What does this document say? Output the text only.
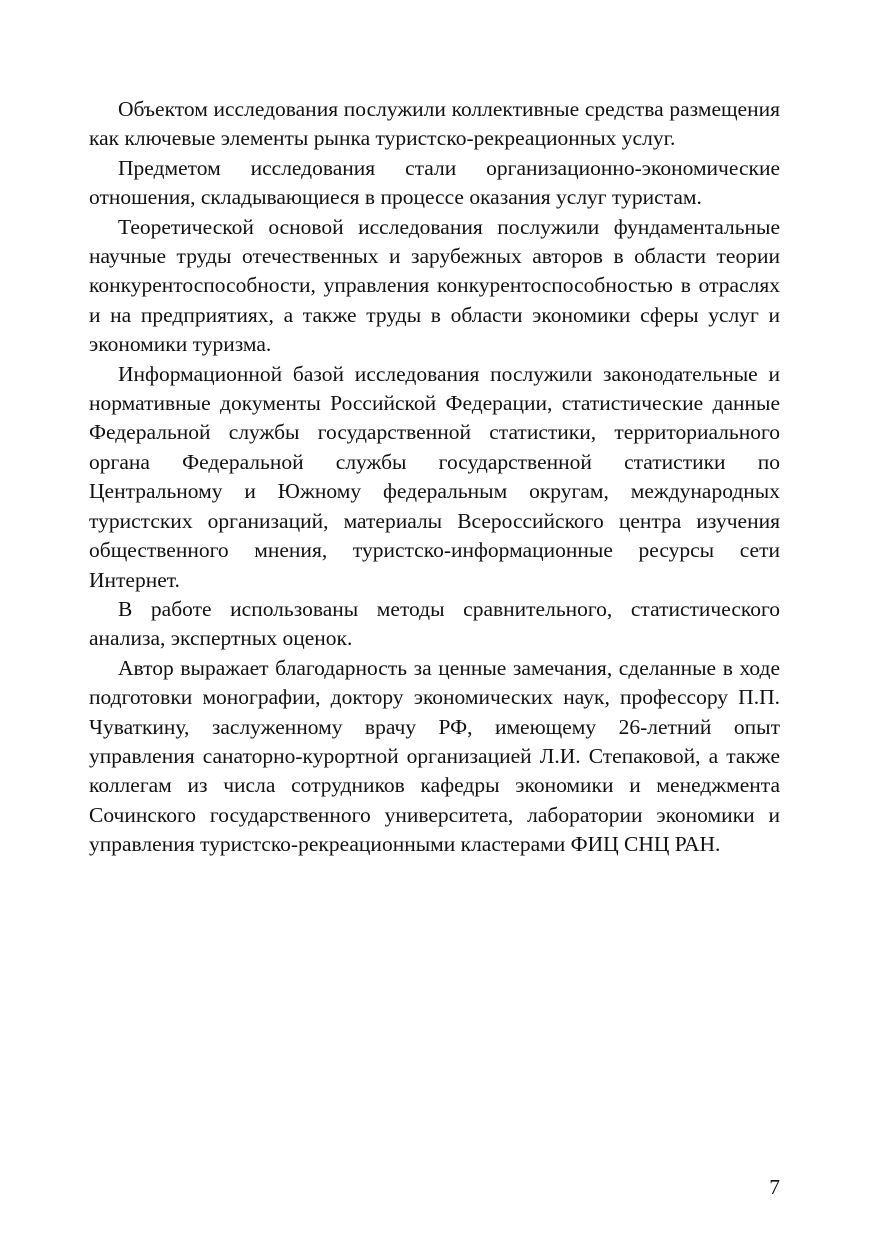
Объектом исследования послужили коллективные средства размещения как ключевые элементы рынка туристско-рекреационных услуг.

Предметом исследования стали организационно-экономические отношения, складывающиеся в процессе оказания услуг туристам.

Теоретической основой исследования послужили фундаментальные научные труды отечественных и зарубежных авторов в области теории конкурентоспособности, управления конкурентоспособностью в отраслях и на предприятиях, а также труды в области экономики сферы услуг и экономики туризма.

Информационной базой исследования послужили законодательные и нормативные документы Российской Федерации, статистические данные Федеральной службы государственной статистики, территориального органа Федеральной службы государственной статистики по Центральному и Южному федеральным округам, международных туристских организаций, материалы Всероссийского центра изучения общественного мнения, туристско-информационные ресурсы сети Интернет.

В работе использованы методы сравнительного, статистического анализа, экспертных оценок.

Автор выражает благодарность за ценные замечания, сделанные в ходе подготовки монографии, доктору экономических наук, профессору П.П. Чуваткину, заслуженному врачу РФ, имеющему 26-летний опыт управления санаторно-курортной организацией Л.И. Степаковой, а также коллегам из числа сотрудников кафедры экономики и менеджмента Сочинского государственного университета, лаборатории экономики и управления туристско-рекреационными кластерами ФИЦ СНЦ РАН.

7
